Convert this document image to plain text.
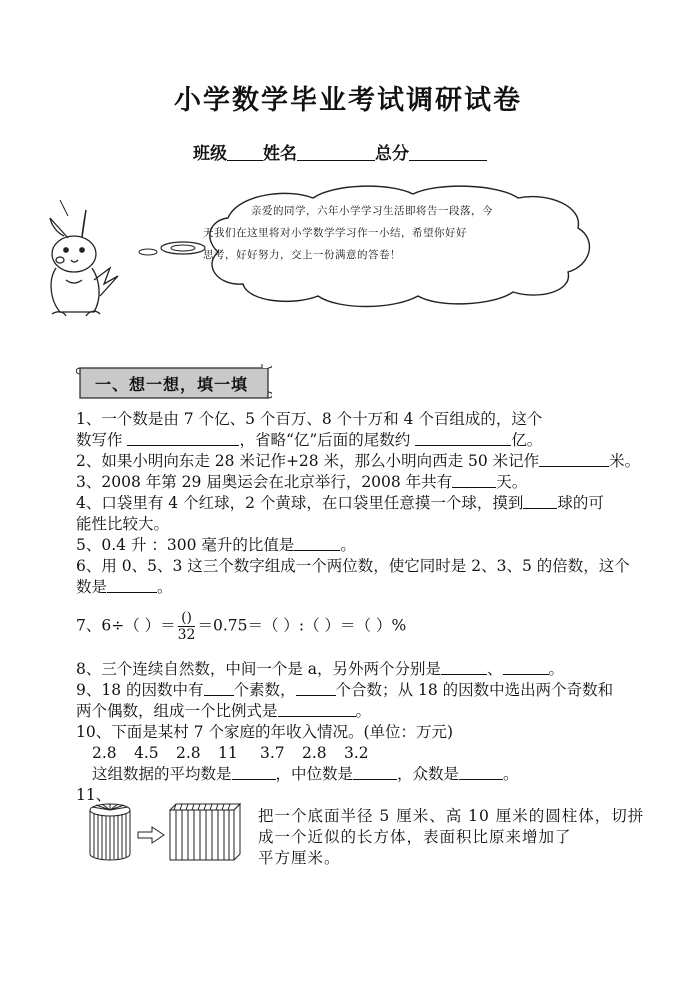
小学数学毕业考试调研试卷
班级 姓名	总分
亲爱的同学，六年小学学习生活即将告一段落，今
天我们在这里将对小学数学学习作一小结，希望你好好
思考，好好努力，交上一份满意的答卷！
一、想一想，填一填
1、一个数是由 7 个亿、5 个百万、8 个十万和 4 个百组成的，这个
数写作	，省略“亿”后面的尾数约	亿。
2、如果小明向东走 28 米记作+28 米，那么小明向西走 50 米记作	米。
3、2008 年第 29 届奥运会在北京举行，2008 年共有	天。
4、口袋里有 4 个红球，2 个黄球，在口袋里任意摸一个球，摸到 球的可
能性比较大。
5、0.4 升 ：300 毫升的比值是	。
6、用 0、5、3 这三个数字组成一个两位数，使它同时是 2、3、5 的倍数，这个
数是	。
7、6÷（ ）＝ $\frac{()}{32} =0.75=$（ ）:（ ）＝（ ）%
8、三个连续自然数，中间一个是 a，另外两个分别是	、	。
9、18 的因数中有 个素数，	个合数；从 18 的因数中选出两个奇数和
两个偶数，组成一个比例式是	。
10、下面是某村 7 个家庭的年收入情况。(单位：万元)
2.8 4.5 2.8 11 3.7 2.8 3.2
这组数据的平均数是	，中位数是	，众数是	。
11、
把一个底面半径 5 厘米、高 10 厘米的圆柱体，切拼
成一个近似的长方体，表面积比原来增加了
平方厘米。
